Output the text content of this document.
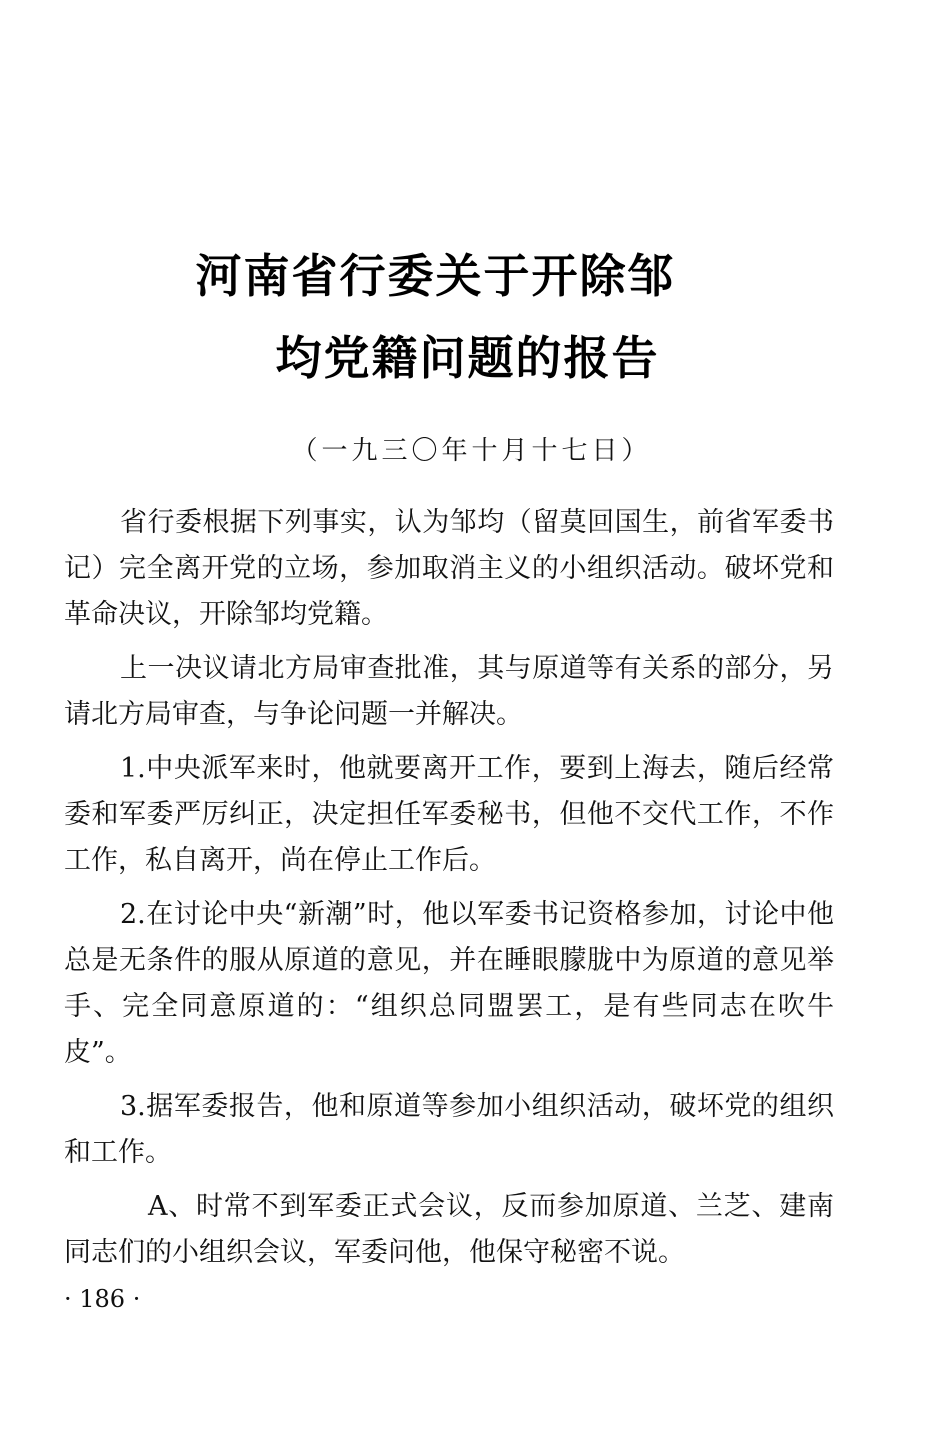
河南省行委关于开除邹
均党籍问题的报告
（一九三〇年十月十七日）

省行委根据下列事实，认为邹均（留莫回国生，前省军委书记）完全离开党的立场，参加取消主义的小组织活动。破坏党和革命决议，开除邹均党籍。

上一决议请北方局审查批准，其与原道等有关系的部分，另请北方局审查，与争论问题一并解决。

1.中央派军来时，他就要离开工作，要到上海去，随后经常委和军委严厉纠正，决定担任军委秘书，但他不交代工作，不作工作，私自离开，尚在停止工作后。

2.在讨论中央“新潮”时，他以军委书记资格参加，讨论中他总是无条件的服从原道的意见，并在睡眼朦胧中为原道的意见举手、完全同意原道的：“组织总同盟罢工，是有些同志在吹牛皮”。

3.据军委报告，他和原道等参加小组织活动，破坏党的组织和工作。

A、时常不到军委正式会议，反而参加原道、兰芝、建南同志们的小组织会议，军委问他，他保守秘密不说。

· 186 ·
